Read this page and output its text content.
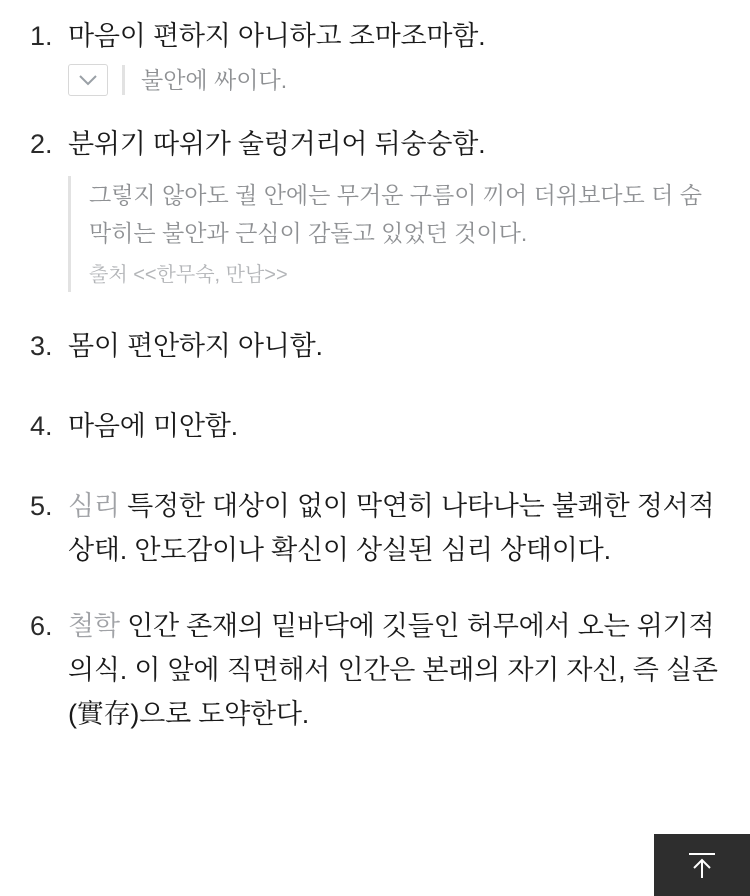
1. 마음이 편하지 아니하고 조마조마함.
불안에 싸이다.
2. 분위기 따위가 술렁거리어 뒤숭숭함.
그렇지 않아도 궐 안에는 무거운 구름이 끼어 더위보다도 더 숨 막히는 불안과 근심이 감돌고 있었던 것이다.
출처 <<한무숙, 만남>>
3. 몸이 편안하지 아니함.
4. 마음에 미안함.
5. 심리 특정한 대상이 없이 막연히 나타나는 불쾌한 정서적 상태. 안도감이나 확신이 상실된 심리 상태이다.
6. 철학 인간 존재의 밑바닥에 깃들인 허무에서 오는 위기적 의식. 이 앞에 직면해서 인간은 본래의 자기 자신, 즉 실존(實存)으로 도약한다.
